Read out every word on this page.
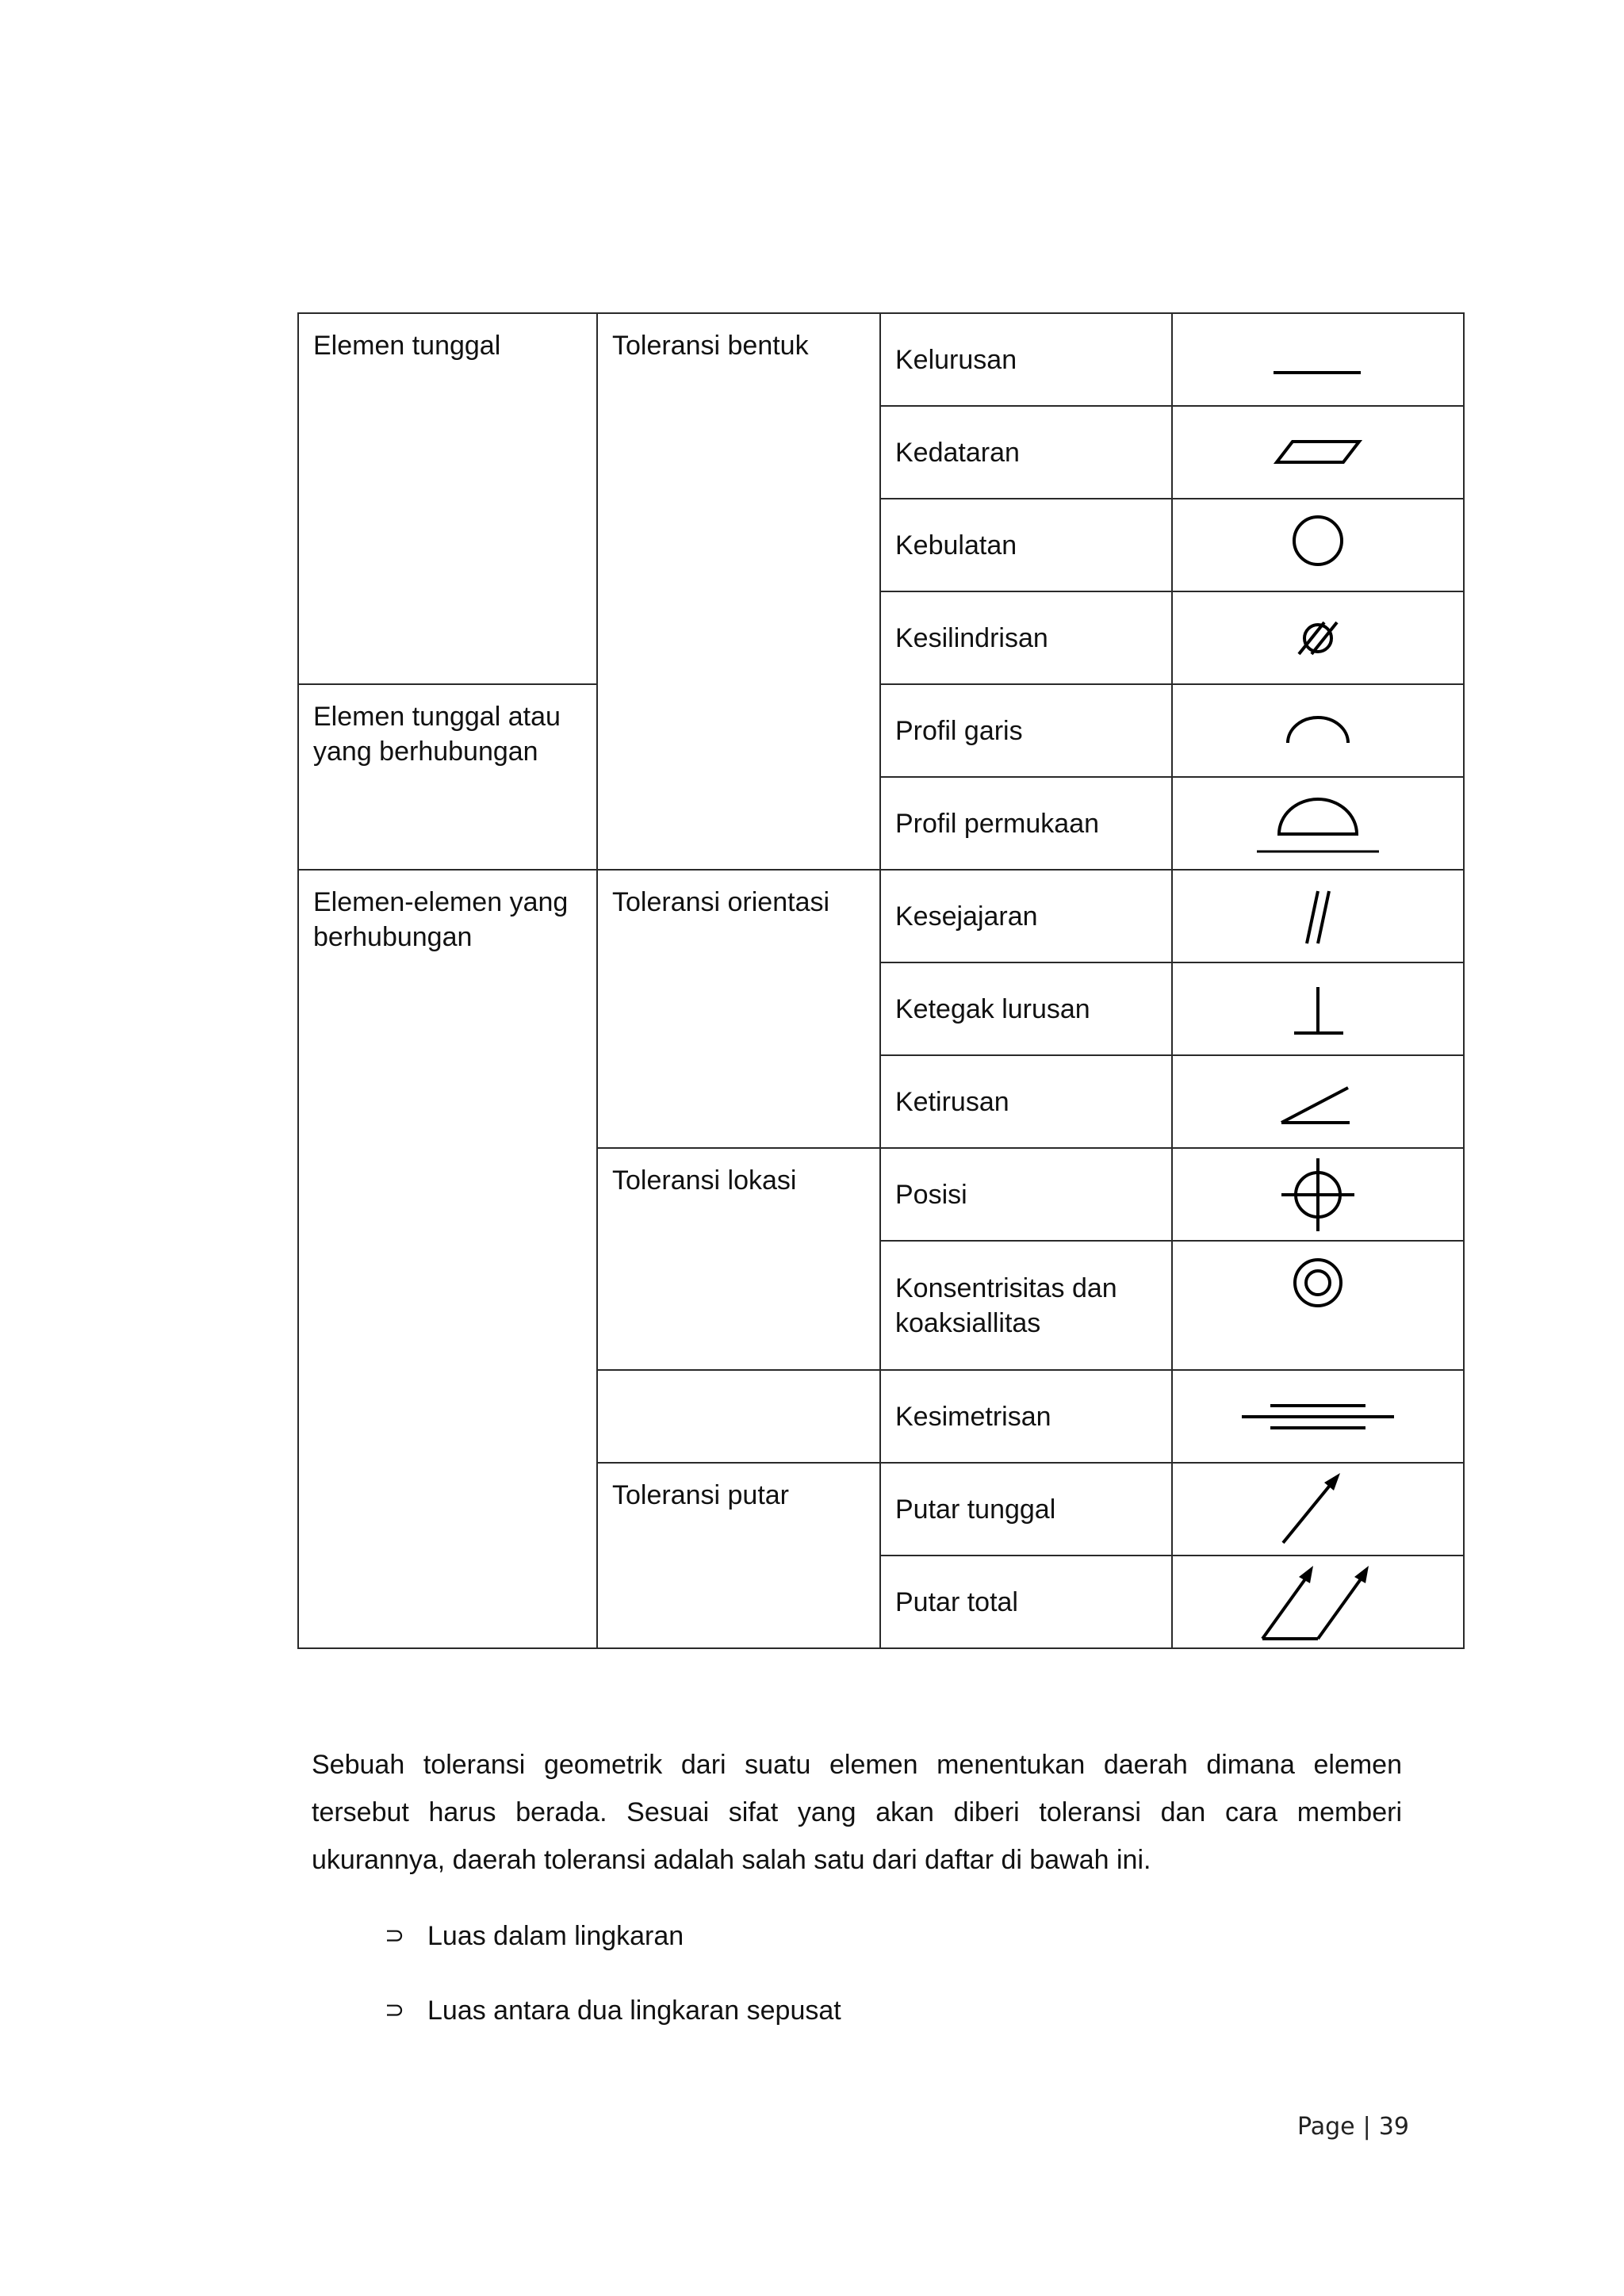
Elemen tunggal	Toleransi bentuk	Kelurusan	

		Kedataran	

		Kebulatan	

		Kesilindrisan	

Elemen tunggal atau yang berhubungan		Profil garis	

		Profil permukaan	

Elemen-elemen yang berhubungan	Toleransi orientasi	Kesejajaran	

		Ketegak lurusan	

		Ketirusan	

	Toleransi lokasi	Posisi	

		Konsentrisitas dan koaksiallitas	

		Kesimetrisan	

	Toleransi putar	Putar tunggal	

		Putar total	

Sebuah toleransi geometrik dari suatu elemen menentukan daerah dimana elemen tersebut harus berada. Sesuai sifat yang akan diberi toleransi dan cara memberi ukurannya, daerah toleransi adalah salah satu dari daftar di bawah ini.

⊃ Luas dalam lingkaran
⊃ Luas antara dua lingkaran sepusat
Page | 39
